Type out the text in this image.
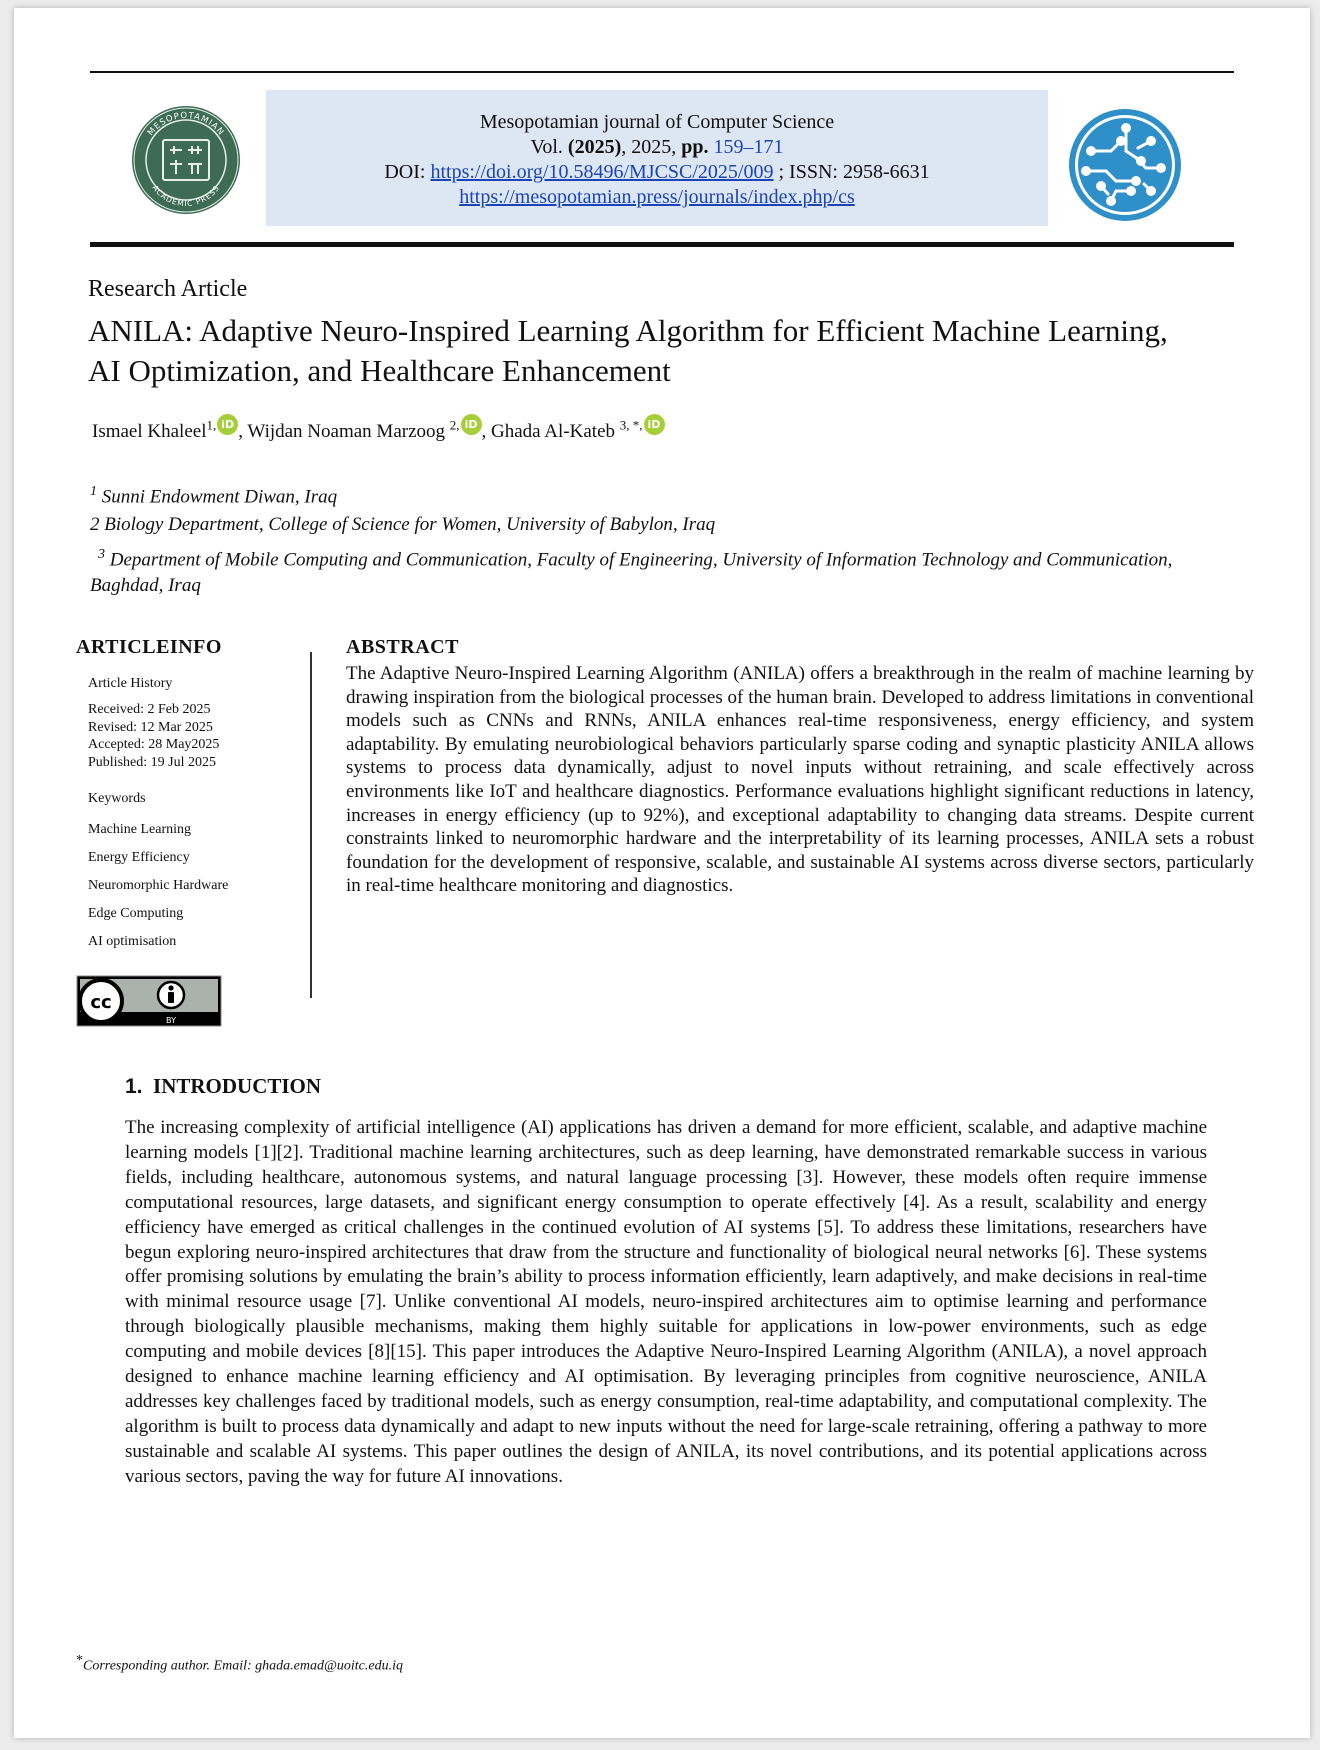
MESOPOTAMIAN
ACADEMIC PRESS
Mesopotamian journal of Computer Science
Vol. (2025), 2025, pp. 159–171
DOI: https://doi.org/10.58496/MJCSC/2025/009 ; ISSN: 2958-6631
https://mesopotamian.press/journals/index.php/cs
Research Article
ANILA: Adaptive Neuro-Inspired Learning Algorithm for Efficient Machine Learning, AI Optimization, and Healthcare Enhancement
Ismael Khaleel$^{1,}$ iD , Wijdan Noaman Marzoog $^{2,}$ iD , Ghada Al-Kateb $^{3, *,}$ iD
$^1$ Sunni Endowment Diwan, Iraq
2 Biology Department, College of Science for Women, University of Babylon, Iraq
$^3$ Department of Mobile Computing and Communication, Faculty of Engineering, University of Information Technology and Communication, Baghdad, Iraq
ARTICLEINFO
Article History
Received: 2 Feb 2025
Revised: 12 Mar 2025
Accepted: 28 May2025
Published: 19 Jul 2025
Keywords
Machine Learning
Energy Efficiency
Neuromorphic Hardware
Edge Computing
AI optimisation
BY
cc
ABSTRACT
The Adaptive Neuro-Inspired Learning Algorithm (ANILA) offers a breakthrough in the realm of machine learning by drawing inspiration from the biological processes of the human brain. Developed to address limitations in conventional models such as CNNs and RNNs, ANILA enhances real-time responsiveness, energy efficiency, and system adaptability. By emulating neurobiological behaviors particularly sparse coding and synaptic plasticity ANILA allows systems to process data dynamically, adjust to novel inputs without retraining, and scale effectively across environments like IoT and healthcare diagnostics. Performance evaluations highlight significant reductions in latency, increases in energy efficiency (up to 92%), and exceptional adaptability to changing data streams. Despite current constraints linked to neuromorphic hardware and the interpretability of its learning processes, ANILA sets a robust foundation for the development of responsive, scalable, and sustainable AI systems across diverse sectors, particularly in real-time healthcare monitoring and diagnostics.
1. INTRODUCTION
The increasing complexity of artificial intelligence (AI) applications has driven a demand for more efficient, scalable, and adaptive machine learning models [1][2]. Traditional machine learning architectures, such as deep learning, have demonstrated remarkable success in various fields, including healthcare, autonomous systems, and natural language processing [3]. However, these models often require immense computational resources, large datasets, and significant energy consumption to operate effectively [4]. As a result, scalability and energy efficiency have emerged as critical challenges in the continued evolution of AI systems [5]. To address these limitations, researchers have begun exploring neuro-inspired architectures that draw from the structure and functionality of biological neural networks [6]. These systems offer promising solutions by emulating the brain’s ability to process information efficiently, learn adaptively, and make decisions in real-time with minimal resource usage [7]. Unlike conventional AI models, neuro-inspired architectures aim to optimise learning and performance through biologically plausible mechanisms, making them highly suitable for applications in low-power environments, such as edge computing and mobile devices [8][15]. This paper introduces the Adaptive Neuro-Inspired Learning Algorithm (ANILA), a novel approach designed to enhance machine learning efficiency and AI optimisation. By leveraging principles from cognitive neuroscience, ANILA addresses key challenges faced by traditional models, such as energy consumption, real-time adaptability, and computational complexity. The algorithm is built to process data dynamically and adapt to new inputs without the need for large-scale retraining, offering a pathway to more sustainable and scalable AI systems. This paper outlines the design of ANILA, its novel contributions, and its potential applications across various sectors, paving the way for future AI innovations.
*Corresponding author. Email: ghada.emad@uoitc.edu.iq
